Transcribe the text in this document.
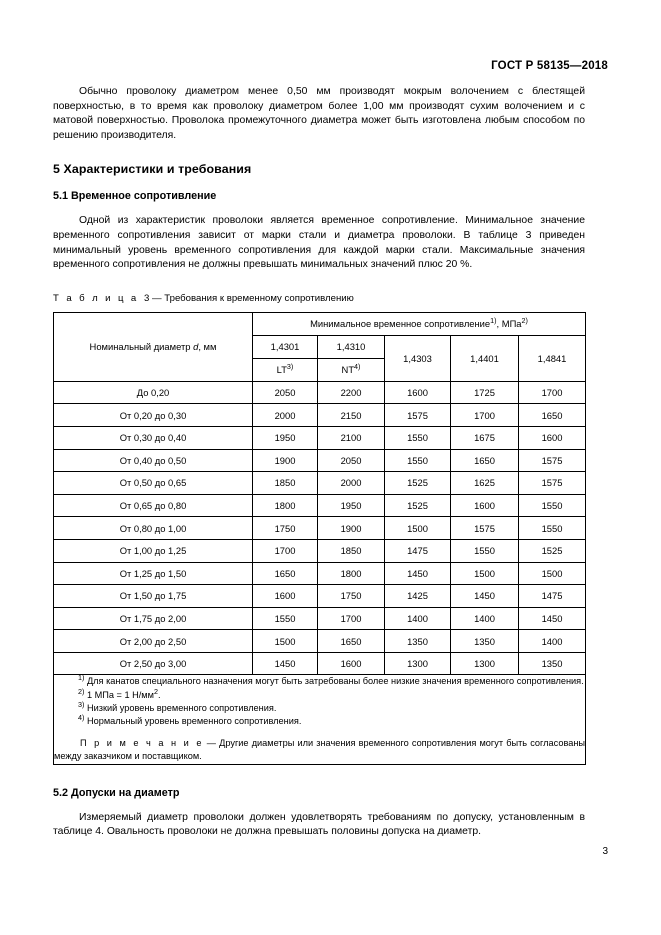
ГОСТ Р 58135—2018

Обычно проволоку диаметром менее 0,50 мм производят мокрым волочением с блестящей поверхностью, в то время как проволоку диаметром более 1,00 мм производят сухим волочением и с матовой поверхностью. Проволока промежуточного диаметра может быть изготовлена любым способом по решению производителя.

5 Характеристики и требования
5.1 Временное сопротивление

Одной из характеристик проволоки является временное сопротивление. Минимальное значение временного сопротивления зависит от марки стали и диаметра проволоки. В таблице 3 приведен минимальный уровень временного сопротивления для каждой марки стали. Максимальные значения временного сопротивления не должны превышать минимальных значений плюс 20 %.

Т а б л и ц а 3 — Требования к временному сопротивлению
Номинальный диаметр d, мм	Минимальное временное сопротивление$^{1)}$, МПа$^{2)}$
	1,4301	1,4310	1,4303	1,4401	1,4841
	LT$^{3)}$	NT$^{4)}$
До 0,20	2050	2200	1600	1725	1700
От 0,20 до 0,30	2000	2150	1575	1700	1650
От 0,30 до 0,40	1950	2100	1550	1675	1600
От 0,40 до 0,50	1900	2050	1550	1650	1575
От 0,50 до 0,65	1850	2000	1525	1625	1575
От 0,65 до 0,80	1800	1950	1525	1600	1550
От 0,80 до 1,00	1750	1900	1500	1575	1550
От 1,00 до 1,25	1700	1850	1475	1550	1525
От 1,25 до 1,50	1650	1800	1450	1500	1500
От 1,50 до 1,75	1600	1750	1425	1450	1475
От 1,75 до 2,00	1550	1700	1400	1400	1450
От 2,00 до 2,50	1500	1650	1350	1350	1400
От 2,50 до 3,00	1450	1600	1300	1300	1350

$^{1)}$ Для канатов специального назначения могут быть затребованы более низкие значения временного сопротивления.

$^{2)}$ 1 МПа = 1 $Н/мм^2$.

$^{3)}$ Низкий уровень временного сопротивления.

$^{4)}$ Нормальный уровень временного сопротивления.

П р и м е ч а н и е — Другие диаметры или значения временного сопротивления могут быть согласованы между заказчиком и поставщиком.					

5.2 Допуски на диаметр

Измеряемый диаметр проволоки должен удовлетворять требованиям по допуску, установленным в таблице 4. Овальность проволоки не должна превышать половины допуска на диаметр.

3
